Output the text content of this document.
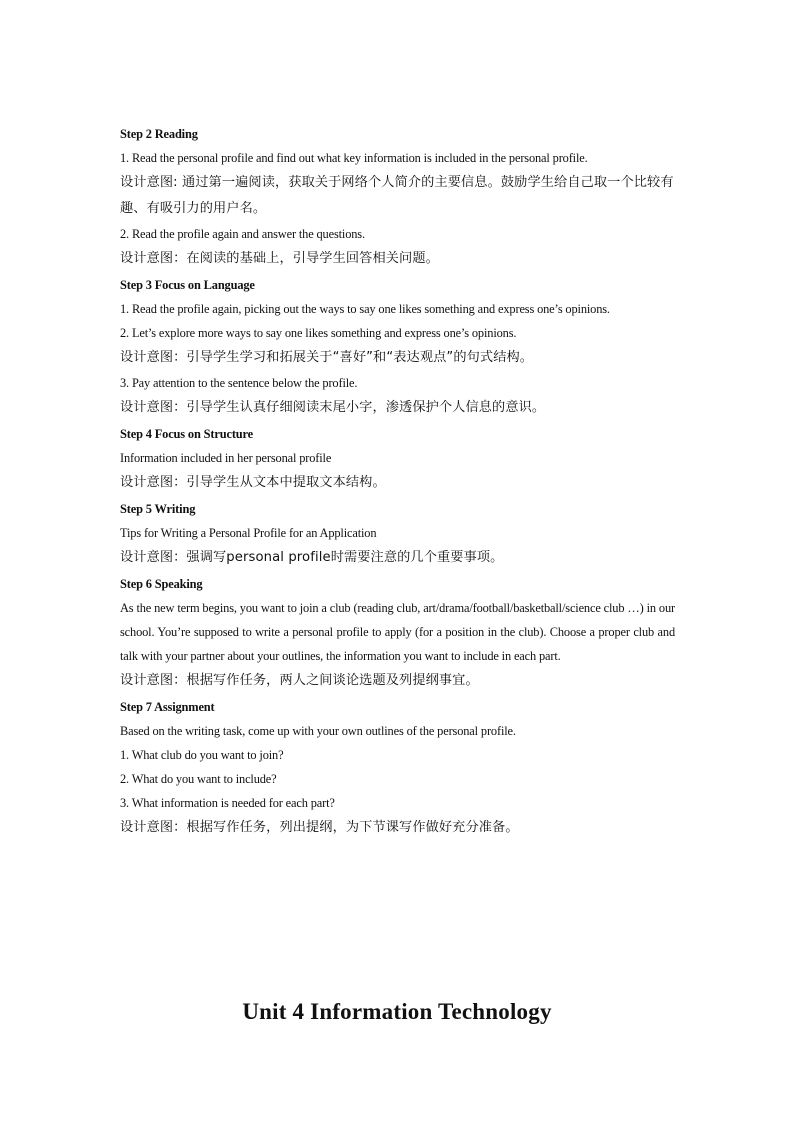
Step 2 Reading

1. Read the personal profile and find out what key information is included in the personal profile.

设计意图: 通过第一遍阅读，获取关于网络个人简介的主要信息。鼓励学生给自己取一个比较有趣、有吸引力的用户名。

2. Read the profile again and answer the questions.

设计意图：在阅读的基础上，引导学生回答相关问题。

Step 3 Focus on Language

1. Read the profile again, picking out the ways to say one likes something and express one’s opinions.

2. Let’s explore more ways to say one likes something and express one’s opinions.

设计意图：引导学生学习和拓展关于“喜好”和“表达观点”的句式结构。

3. Pay attention to the sentence below the profile.

设计意图：引导学生认真仔细阅读末尾小字，渗透保护个人信息的意识。

Step 4 Focus on Structure

Information included in her personal profile

设计意图：引导学生从文本中提取文本结构。

Step 5 Writing

Tips for Writing a Personal Profile for an Application

设计意图：强调写personal profile时需要注意的几个重要事项。

Step 6 Speaking

As the new term begins, you want to join a club (reading club, art/drama/football/basketball/science club …) in our school. You’re supposed to write a personal profile to apply (for a position in the club). Choose a proper club and talk with your partner about your outlines, the information you want to include in each part.

设计意图：根据写作任务，两人之间谈论选题及列提纲事宜。

Step 7 Assignment

Based on the writing task, come up with your own outlines of the personal profile.

1. What club do you want to join?

2. What do you want to include?

3. What information is needed for each part?

设计意图：根据写作任务，列出提纲，为下节课写作做好充分准备。

Unit 4 Information Technology
